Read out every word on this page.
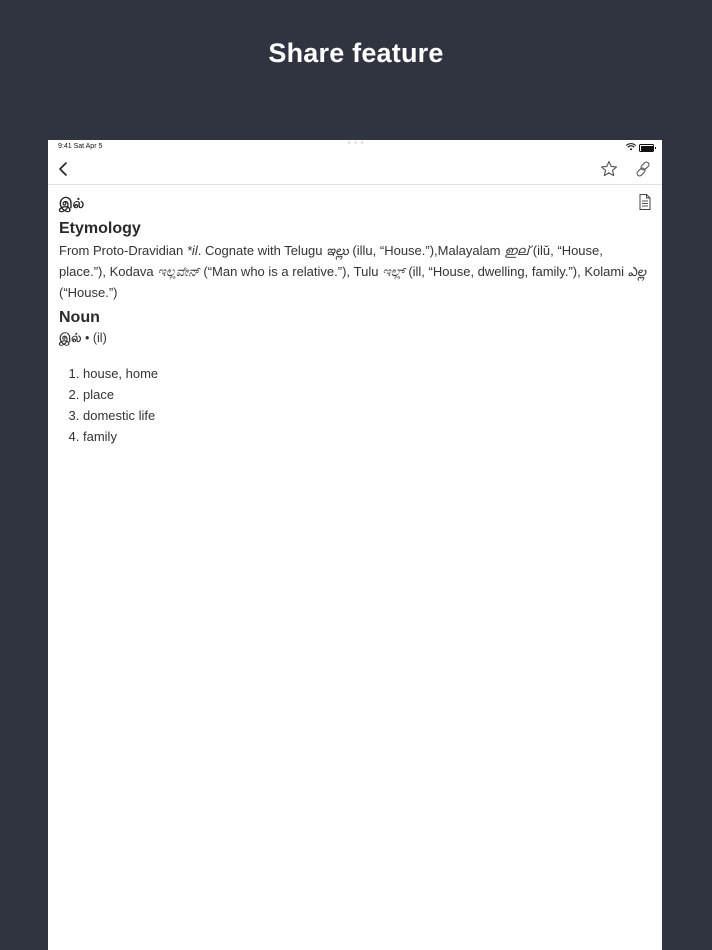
Share feature
9:41 Sat Apr 5	• • •
இல்
Etymology

From Proto-Dravidian *il. Cognate with Telugu ఇల్లు (illu, “House.”),Malayalam ഇല് (ilŭ, “House, place.”), Kodava ಇಲ್ಲವೇನ್ (“Man who is a relative.”), Tulu ಇಲ್ಲ್ (ill, “House, dwelling, family.”), Kolami ఎల్ల (“House.”)

Noun

இல் • (il)

1. house, home
2. place
3. domestic life
4. family
